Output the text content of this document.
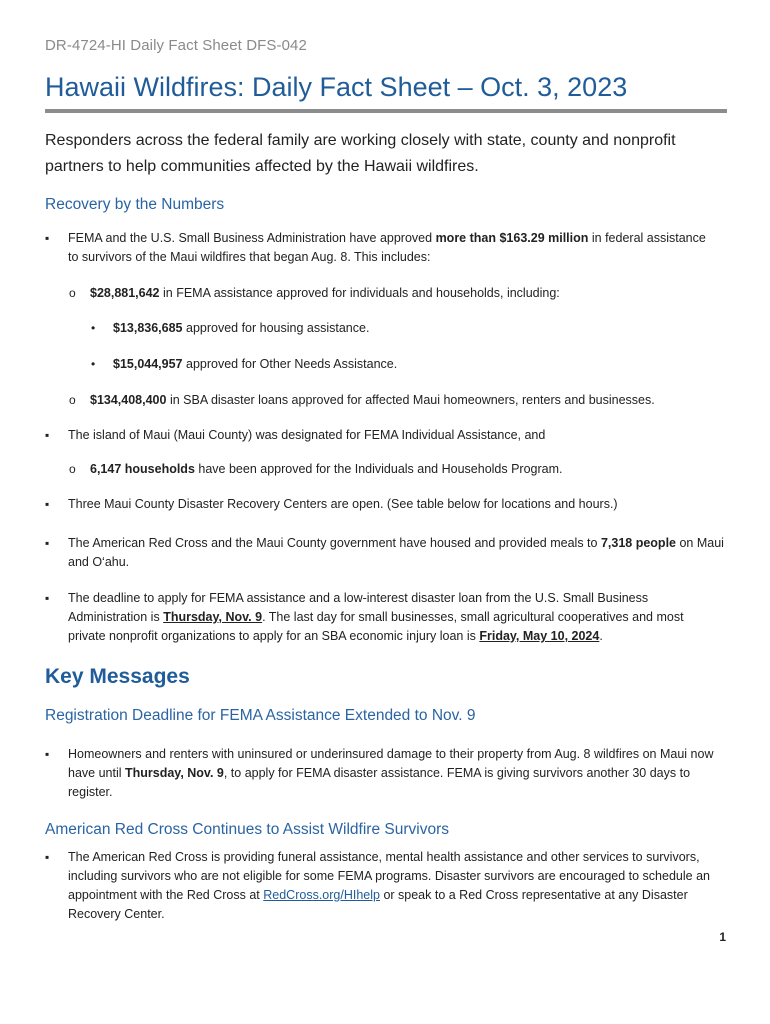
DR-4724-HI Daily Fact Sheet DFS-042
Hawaii Wildfires: Daily Fact Sheet – Oct. 3, 2023

Responders across the federal family are working closely with state, county and nonprofit partners to help communities affected by the Hawaii wildfires.

Recovery by the Numbers
▪

FEMA and the U.S. Small Business Administration have approved more than $163.29 million in federal assistance to survivors of the Maui wildfires that began Aug. 8. This includes:

o $28,881,642 in FEMA assistance approved for individuals and households, including:

• $13,836,685 approved for housing assistance.

• $15,044,957 approved for Other Needs Assistance.

o $134,408,400 in SBA disaster loans approved for affected Maui homeowners, renters and businesses.

▪

The island of Maui (Maui County) was designated for FEMA Individual Assistance, and

o 6,147 households have been approved for the Individuals and Households Program.

▪

Three Maui County Disaster Recovery Centers are open. (See table below for locations and hours.)

▪

The American Red Cross and the Maui County government have housed and provided meals to 7,318 people on Maui and O‘ahu.

▪

The deadline to apply for FEMA assistance and a low-interest disaster loan from the U.S. Small Business Administration is Thursday, Nov. 9. The last day for small businesses, small agricultural cooperatives and most private nonprofit organizations to apply for an SBA economic injury loan is Friday, May 10, 2024.

Key Messages
Registration Deadline for FEMA Assistance Extended to Nov. 9
▪

Homeowners and renters with uninsured or underinsured damage to their property from Aug. 8 wildfires on Maui now have until Thursday, Nov. 9, to apply for FEMA disaster assistance. FEMA is giving survivors another 30 days to register.

American Red Cross Continues to Assist Wildfire Survivors
▪

The American Red Cross is providing funeral assistance, mental health assistance and other services to survivors, including survivors who are not eligible for some FEMA programs. Disaster survivors are encouraged to schedule an appointment with the Red Cross at RedCross.org/HIhelp or speak to a Red Cross representative at any Disaster Recovery Center.

1
